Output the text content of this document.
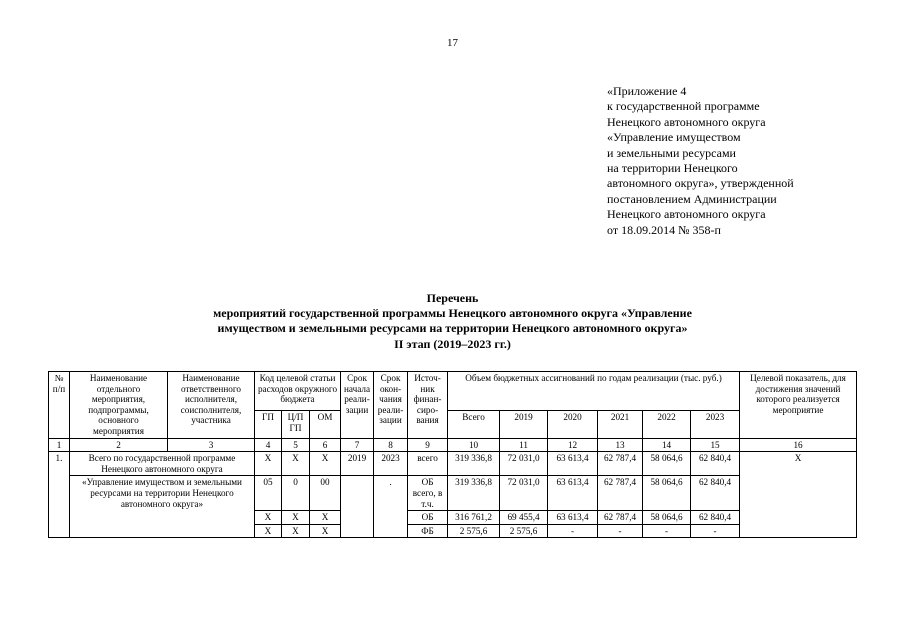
17
«Приложение 4
к государственной программе
Ненецкого автономного округа
«Управление имуществом
и земельными ресурсами
на территории Ненецкого
автономного округа», утвержденной
постановлением Администрации
Ненецкого автономного округа
от 18.09.2014 № 358-п
Перечень
мероприятий государственной программы Ненецкого автономного округа «Управление
имуществом и земельными ресурсами на территории Ненецкого автономного округа»
II этап (2019–2023 гг.)
№ п/п	Наименование отдельного мероприятия, подпрограммы, основного мероприятия	Наименование ответственного исполнителя, соисполнителя, участника	Код целевой статьи расходов окружного бюджета			Срок начала реали-зации	Срок окон-чания реали-зации	Источ-ник финан-сиро-вания	Объем бюджетных ассигнований по годам реализации (тыс. руб.)						Целевой показатель, для достижения значений которого реализуется мероприятие
			ГП	Ц/П ГП	ОМ				Всего	2019	2020	2021	2022	2023	
1	2	3	4	5	6	7	8	9	10	11	12	13	14	15	16
1.	Всего по государственной программе Ненецкого автономного округа		Х	Х	Х	2019	2023	всего	319 336,8	72 031,0	63 613,4	62 787,4	58 064,6	62 840,4	Х
	«Управление имуществом и земельными ресурсами на территории Ненецкого автономного округа»		05	0	00		.	ОБ всего, в т.ч.	319 336,8	72 031,0	63 613,4	62 787,4	58 064,6	62 840,4	
			Х	Х	Х			ОБ	316 761,2	69 455,4	63 613,4	62 787,4	58 064,6	62 840,4	
			Х	Х	Х			ФБ	2 575,6	2 575,6	-	-	-	-	
